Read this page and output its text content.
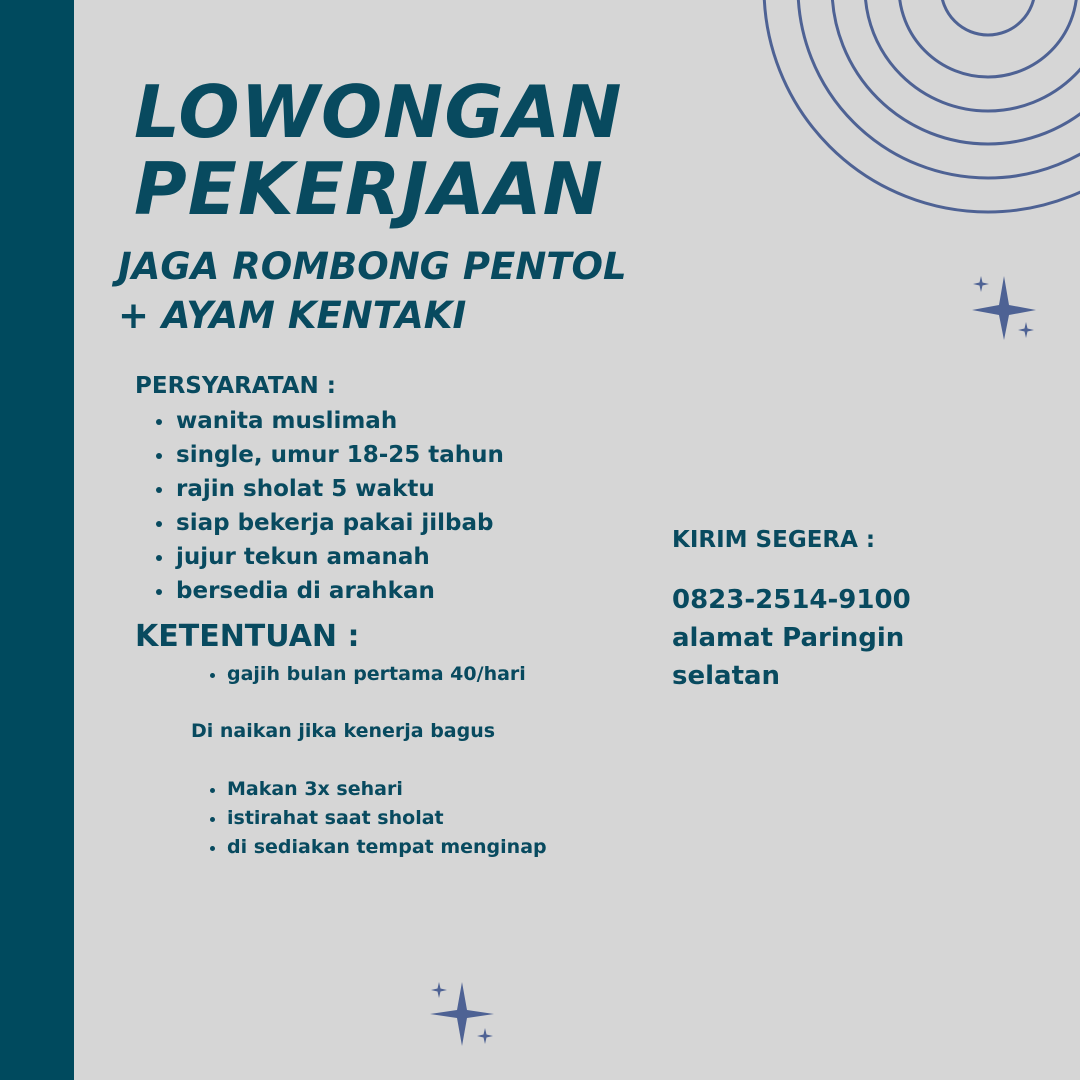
LOWONGAN
PEKERJAAN
JAGA ROMBONG PENTOL
+ AYAM KENTAKI

PERSYARATAN :

wanita muslimah
single, umur 18-25 tahun
rajin sholat 5 waktu
siap bekerja pakai jilbab
jujur tekun amanah
bersedia di arahkan

KETENTUAN :

gajih bulan pertama 40/hari

Di naikan jika kenerja bagus

Makan 3x sehari
istirahat saat sholat
di sediakan tempat menginap

KIRIM SEGERA :

0823-2514-9100

alamat Paringin selatan
